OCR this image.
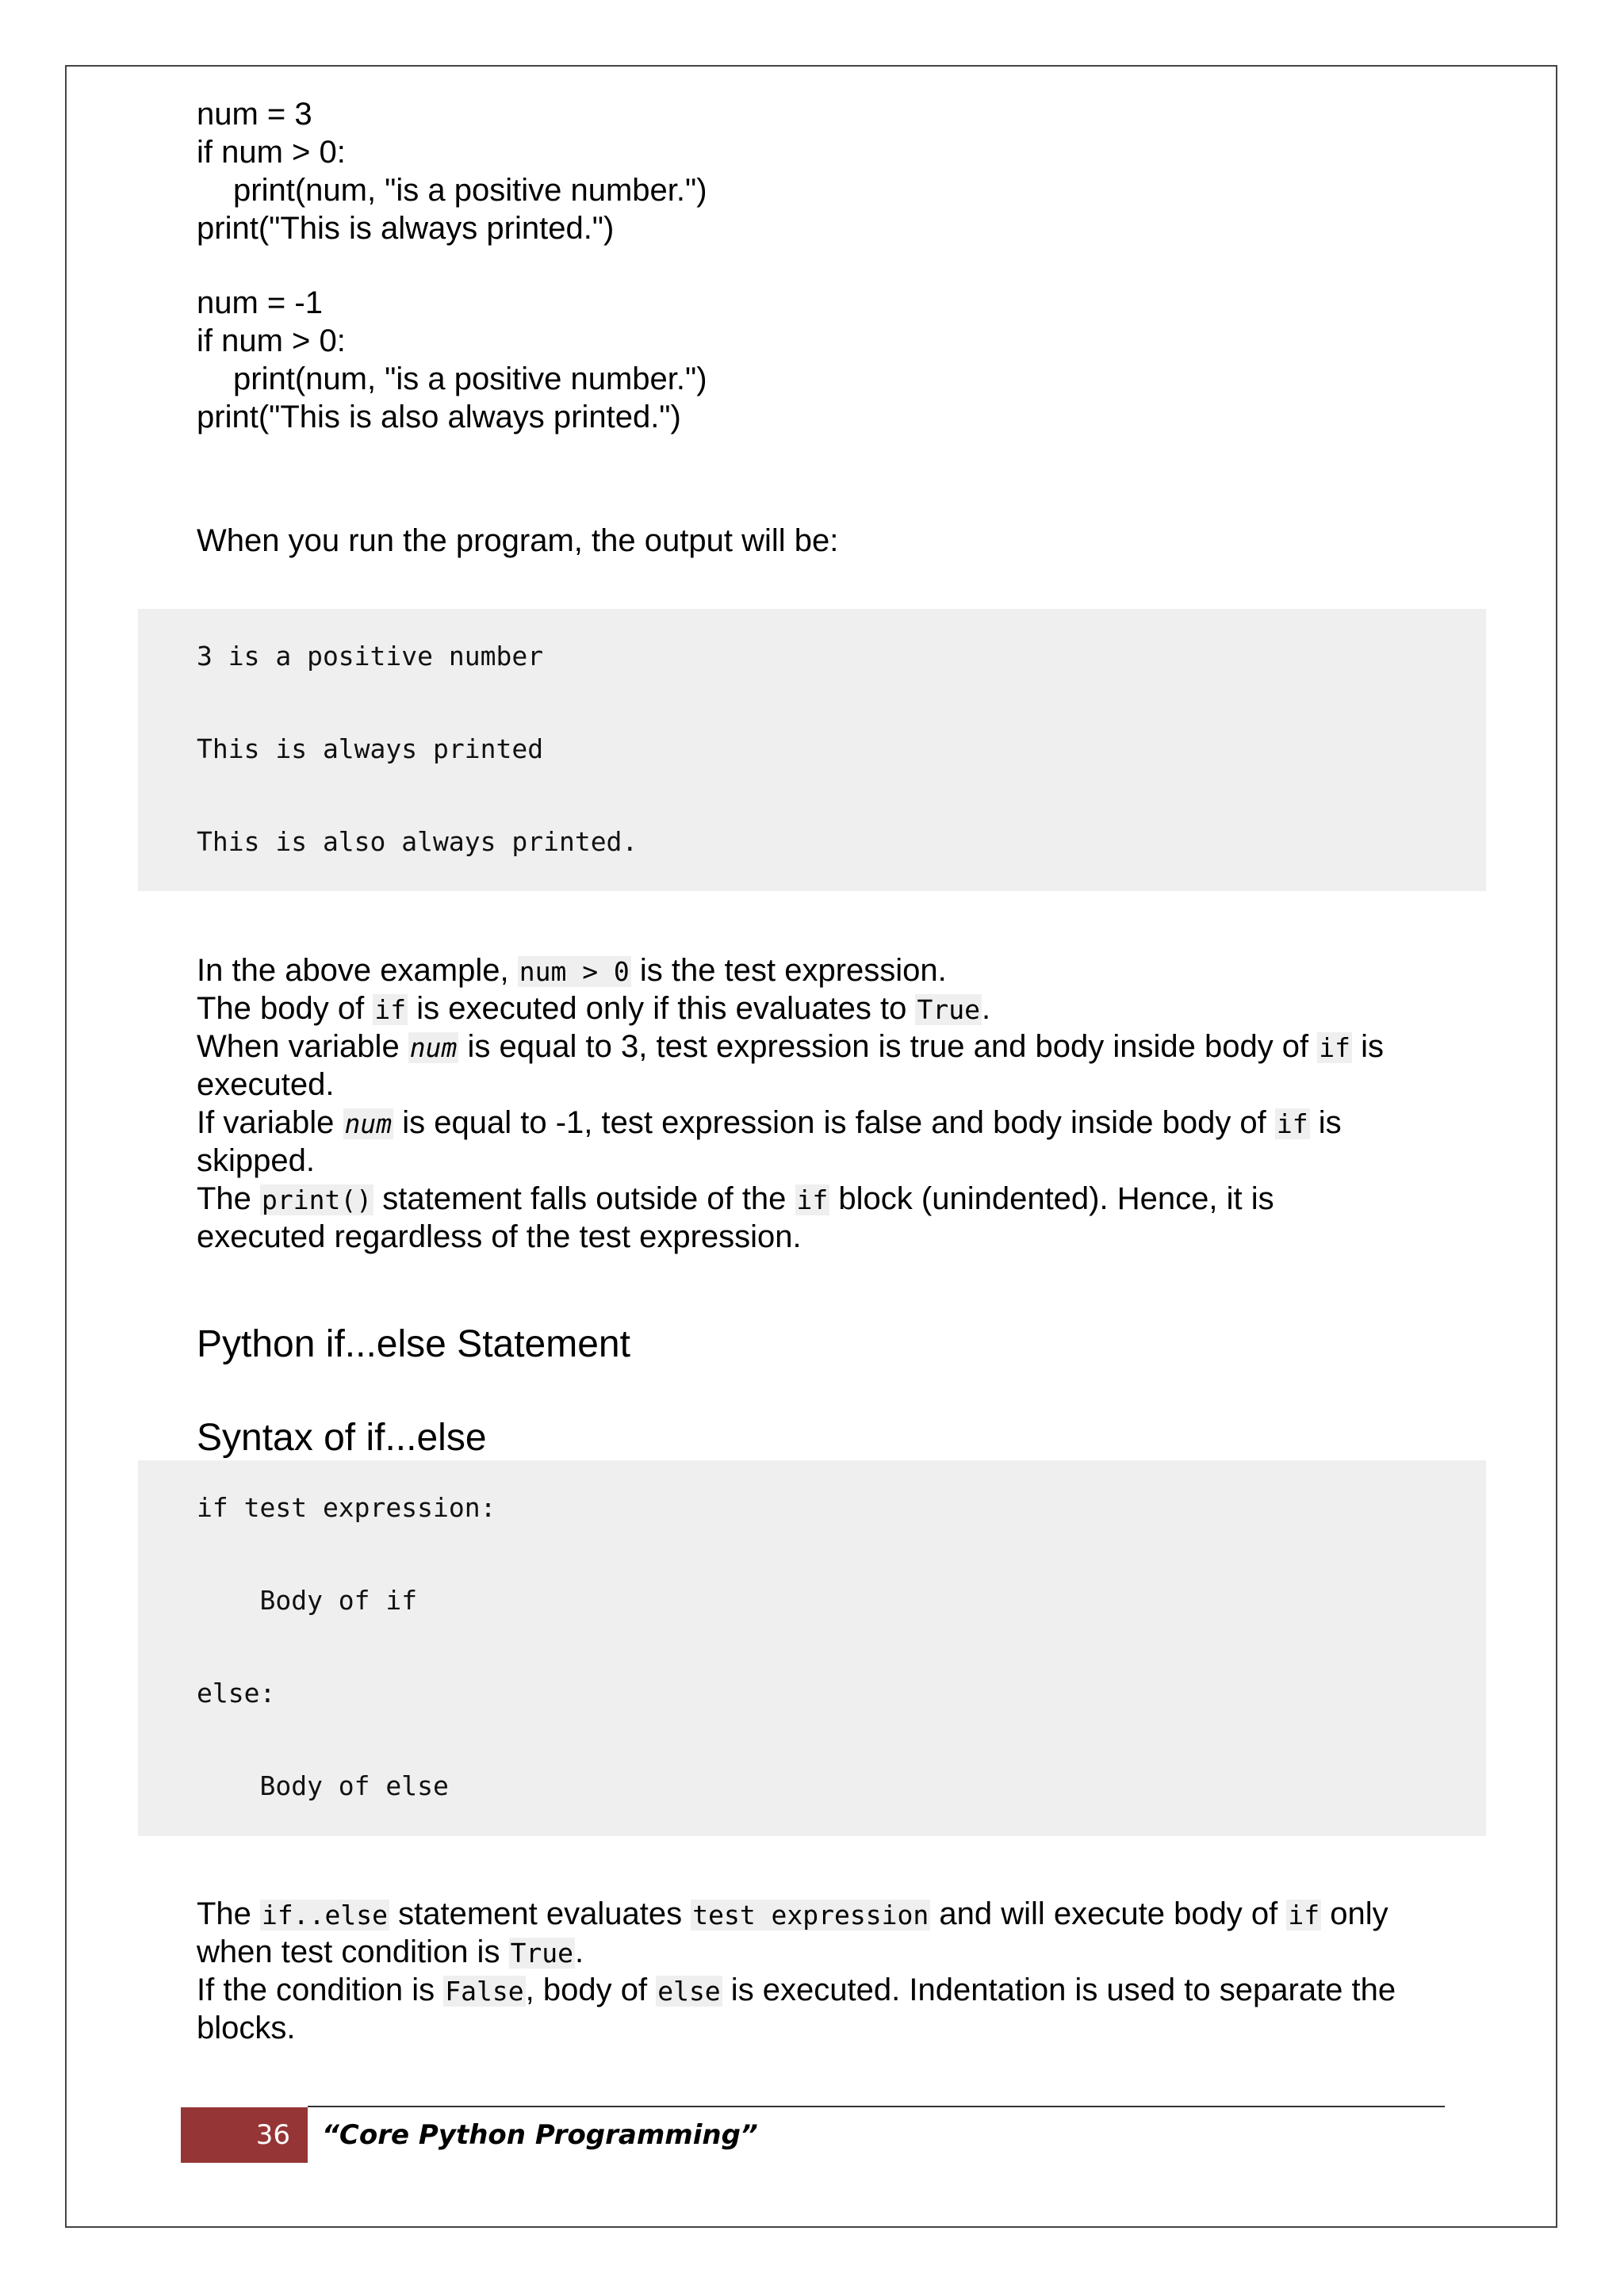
num = 3
if num > 0:
print(num, "is a positive number.")
print("This is always printed.")
num = -1
if num > 0:
print(num, "is a positive number.")
print("This is also always printed.")
When you run the program, the output will be:
3 is a positive number
This is always printed
This is also always printed.
In the above example, num > 0 is the test expression.
The body of if is executed only if this evaluates to True.
When variable num is equal to 3, test expression is true and body inside body of if is
executed.
If variable num is equal to -1, test expression is false and body inside body of if is
skipped.
The print() statement falls outside of the if block (unindented). Hence, it is
executed regardless of the test expression.
Python if...else Statement
Syntax of if...else
if test expression:
Body of if
else:
Body of else
The if..else statement evaluates test expression and will execute body of if only
when test condition is True.
If the condition is False, body of else is executed. Indentation is used to separate the
blocks.
36	“Core Python Programming”
